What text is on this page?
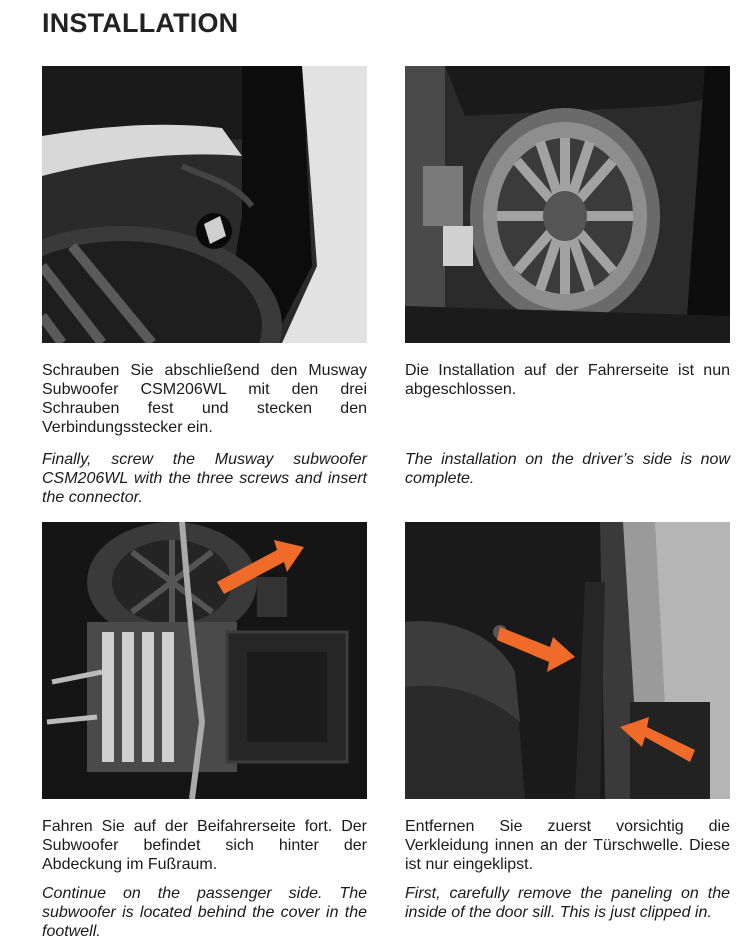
INSTALLATION
Schrauben Sie abschließend den Musway Subwoofer CSM206WL mit den drei Schrauben fest und stecken den Verbindungsstecker ein.
Finally, screw the Musway subwoofer CSM206WL with the three screws and insert the connector.
Die Installation auf der Fahrerseite ist nun abgeschlossen.
The installation on the driver’s side is now complete.
Fahren Sie auf der Beifahrerseite fort. Der Subwoofer befindet sich hinter der Abdeckung im Fußraum.
Continue on the passenger side. The subwoofer is located behind the cover in the footwell.
Entfernen Sie zuerst vorsichtig die Verkleidung innen an der Türschwelle. Diese ist nur eingeklipst.
First, carefully remove the paneling on the inside of the door sill. This is just clipped in.
